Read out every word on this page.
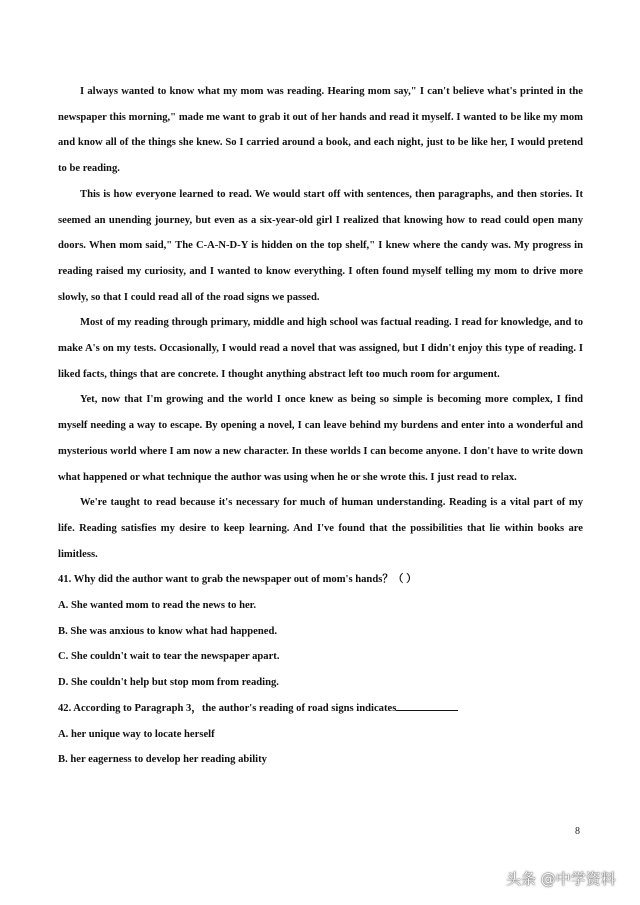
I always wanted to know what my mom was reading. Hearing mom say," I can't believe what's printed in the newspaper this morning," made me want to grab it out of her hands and read it myself. I wanted to be like my mom and know all of the things she knew. So I carried around a book, and each night, just to be like her, I would pretend to be reading.

This is how everyone learned to read. We would start off with sentences, then paragraphs, and then stories. It seemed an unending journey, but even as a six-year-old girl I realized that knowing how to read could open many doors. When mom said," The C-A-N-D-Y is hidden on the top shelf," I knew where the candy was. My progress in reading raised my curiosity, and I wanted to know everything. I often found myself telling my mom to drive more slowly, so that I could read all of the road signs we passed.

Most of my reading through primary, middle and high school was factual reading. I read for knowledge, and to make A's on my tests. Occasionally, I would read a novel that was assigned, but I didn't enjoy this type of reading. I liked facts, things that are concrete. I thought anything abstract left too much room for argument.

Yet, now that I'm growing and the world I once knew as being so simple is becoming more complex, I find myself needing a way to escape. By opening a novel, I can leave behind my burdens and enter into a wonderful and mysterious world where I am now a new character. In these worlds I can become anyone. I don't have to write down what happened or what technique the author was using when he or she wrote this. I just read to relax.

We're taught to read because it's necessary for much of human understanding. Reading is a vital part of my life. Reading satisfies my desire to keep learning. And I've found that the possibilities that lie within books are limitless.

41. Why did the author want to grab the newspaper out of mom's hands？（ ）

A. She wanted mom to read the news to her.

B. She was anxious to know what had happened.

C. She couldn't wait to tear the newspaper apart.

D. She couldn't help but stop mom from reading.

42. According to Paragraph 3，the author's reading of road signs indicates

A. her unique way to locate herself

B. her eagerness to develop her reading ability

8
头条 @中学资料
